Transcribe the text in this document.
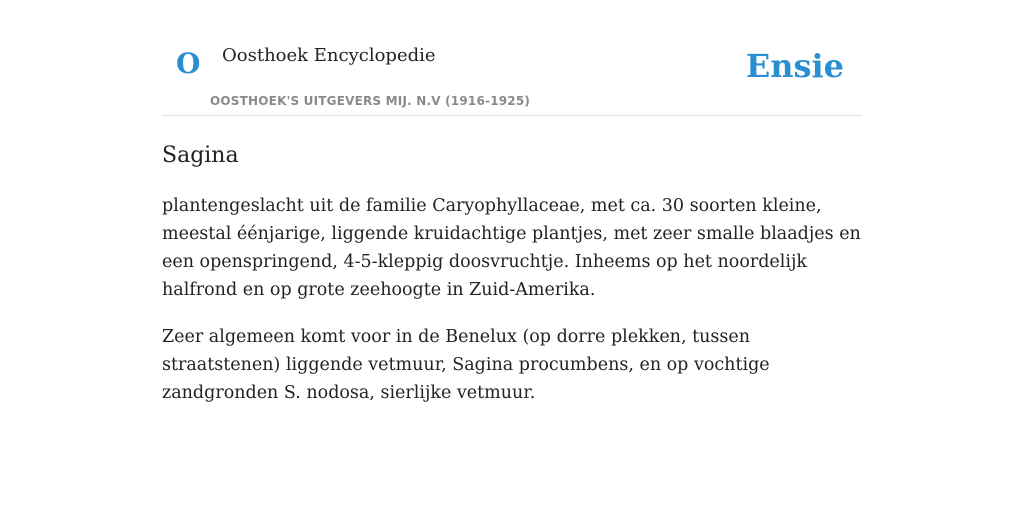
O Oosthoek Encyclopedie
OOSTHOEK'S UITGEVERS MIJ. N.V (1916-1925)
Ensie
Sagina

plantengeslacht uit de familie Caryophyllaceae, met ca. 30 soorten kleine, meestal éénjarige, liggende kruidachtige plantjes, met zeer smalle blaadjes en een openspringend, 4-5-kleppig doosvruchtje. Inheems op het noordelijk halfrond en op grote zeehoogte in Zuid-Amerika.

Zeer algemeen komt voor in de Benelux (op dorre plekken, tussen straatstenen) liggende vetmuur, Sagina procumbens, en op vochtige zandgronden S. nodosa, sierlijke vetmuur.
